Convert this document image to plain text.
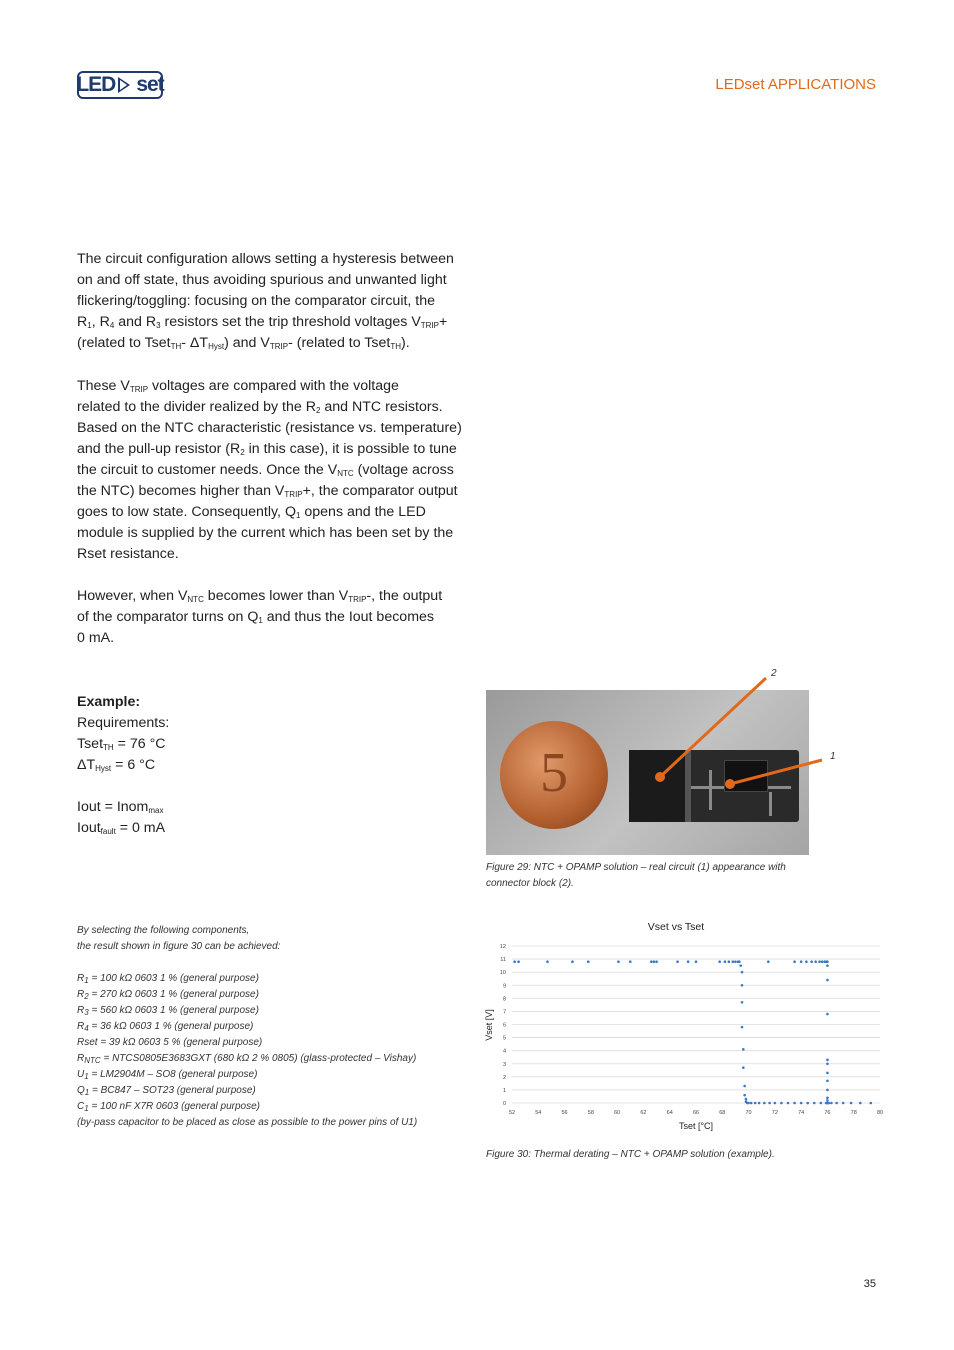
LED set	LEDset APPLICATIONS

The circuit configuration allows setting a hysteresis between

on and off state, thus avoiding spurious and unwanted light

flickering/toggling: focusing on the comparator circuit, the

$R_1$, $R_4$ and $R_3$ resistors set the trip threshold voltages $V_{TRIP}+$

(related to Tset$_{TH}$- $\Delta T_{Hyst}$) and $V_{TRIP}-$ (related to Tset$_{TH}$).

These $V_{TRIP}$ voltages are compared with the voltage

related to the divider realized by the $R_2$ and NTC resistors.

Based on the NTC characteristic (resistance vs. temperature)

and the pull-up resistor ($R_2$ in this case), it is possible to tune

the circuit to customer needs. Once the $V_{NTC}$ (voltage across

the NTC) becomes higher than $V_{TRIP}+$, the comparator output

goes to low state. Consequently, $Q_1$ opens and the LED

module is supplied by the current which has been set by the

Rset resistance.

However, when $V_{NTC}$ becomes lower than $V_{TRIP}-$, the output

of the comparator turns on $Q_1$ and thus the Iout becomes

0 mA.

Example:

Requirements:

Tset$_{TH}$ = 76 °C

$\Delta T_{Hyst} = 6$ °C

Iout = Inom$_{max}$

Iout$_{fault}$ = 0 mA

By selecting the following components,

the result shown in figure 30 can be achieved:

$R_1 = 100$ kΩ 0603 1 % (general purpose)

$R_2 = 270$ kΩ 0603 1 % (general purpose)

$R_3 = 560$ kΩ 0603 1 % (general purpose)

$R_4 = 36$ kΩ 0603 1 % (general purpose)

Rset = 39 kΩ 0603 5 % (general purpose)

$R_{NTC}$ = NTCS0805E3683GXT (680 kΩ 2 % 0805) (glass-protected – Vishay)

$U_1 = LM2904M - SO8$ (general purpose)

$Q_1 = BC847 - SOT23$ (general purpose)

$C_1 = 100$ nF X7R 0603 (general purpose)

(by-pass capacitor to be placed as close as possible to the power pins of U1)

5
2
1
Figure 29: NTC + OPAMP solution – real circuit (1) appearance with
connector block (2).
Vset vs Tset
0
1
2
3
4
5
6
7
8
9
10
11
12
52	54	56	58	60	62	64	66	68	70	72	74	76	78	80
Tset [°C]
Vset [V]
Figure 30: Thermal derating – NTC + OPAMP solution (example).
35
